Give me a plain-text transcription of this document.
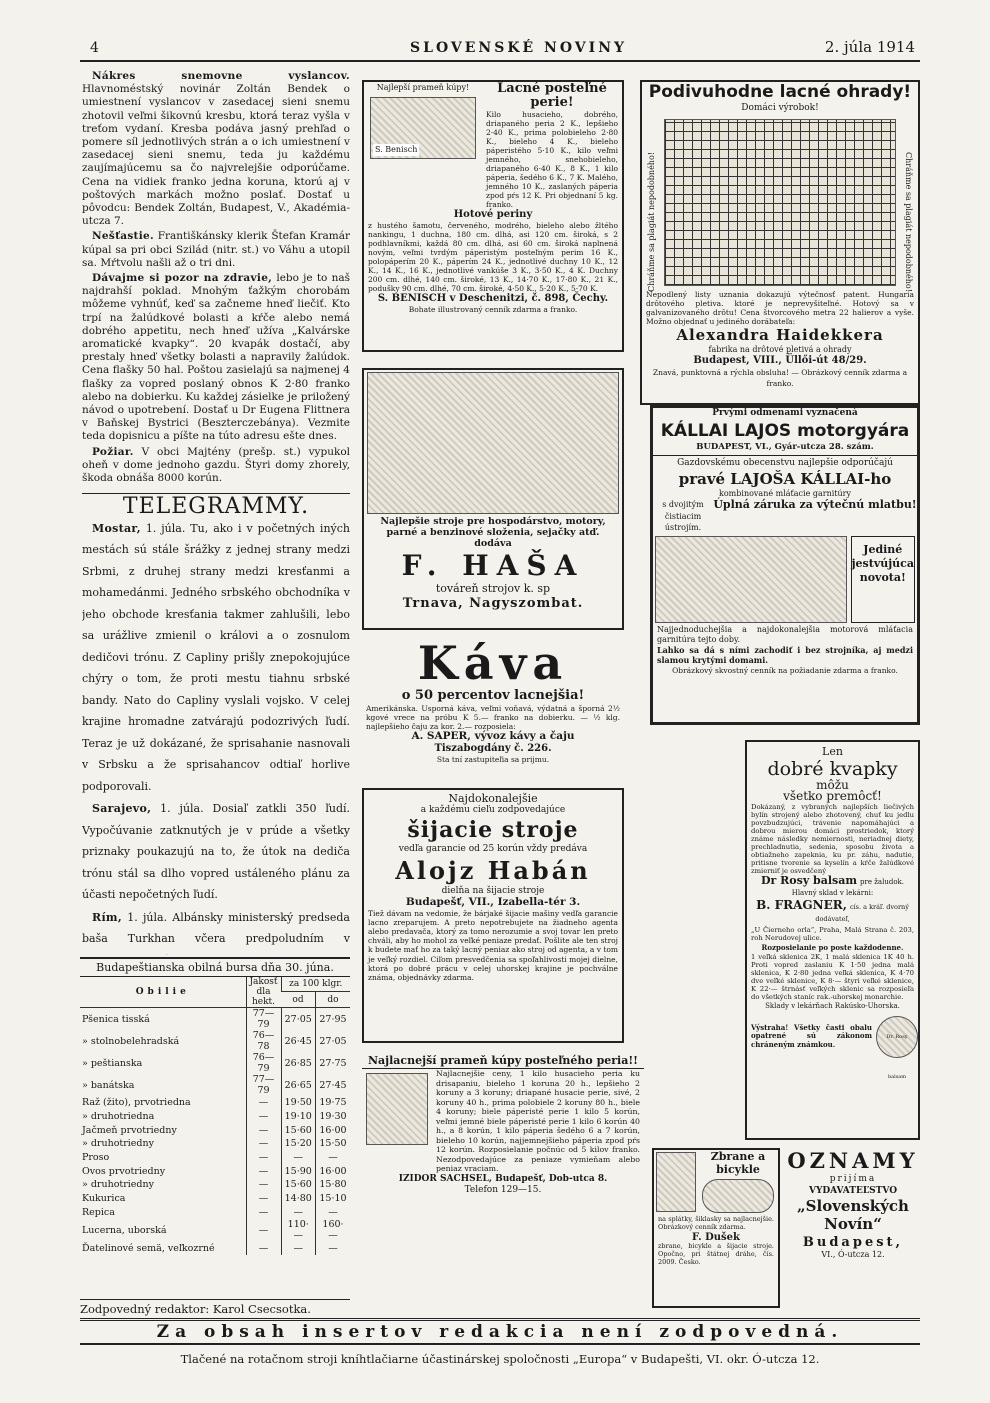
4	SLOVENSKÉ NOVINY	2. júla 1914

Nákres snemovne vyslancov. Hlavnoméstský novinár Zoltán Bendek o umiestnení vyslancov v zasedacej sieni snemu zhotovil veľmi šikovnú kresbu, ktorá teraz vyšla v treťom vydaní. Kresba podáva jasný prehľad o pomere síl jednotlivých strán a o ich umiestnení v zasedacej sieni snemu, teda ju každému zaujímajúcemu sa čo najvrelejšie odporúčame. Cena na vidiek franko jedna koruna, ktorú aj v poštových markách možno poslať. Dostať u pôvodcu: Bendek Zoltán, Budapest, V., Akadémia-utcza 7.

Nešťastie. Františkánsky klerik Štefan Kramár kúpal sa pri obci Szilád (nitr. st.) vo Váhu a utopil sa. Mŕtvolu našli až o tri dni.

Dávajme si pozor na zdravie, lebo je to naš najdrahší poklad. Mnohým ťažkým chorobám môžeme vyhnúť, keď sa začneme hneď liečiť. Kto trpí na žalúdkové bolasti a kŕče alebo nemá dobrého appetitu, nech hneď užíva „Kalvárske aromatické kvapky“. 20 kvapák dostačí, aby prestaly hneď všetky bolasti a napravily žalúdok. Cena flašky 50 hal. Poštou zasielajú sa najmenej 4 flašky za vopred poslaný obnos K 2·80 franko alebo na dobierku. Ku každej zásielke je priložený návod o upotrebení. Dostať u Dr Eugena Flittnera v Baňskej Bystrici (Beszterczebánya). Vezmite teda dopisnicu a píšte na túto adresu ešte dnes.

Požiar. V obci Majtény (prešp. st.) vypukol oheň v dome jednoho gazdu. Štyri domy zhorely, škoda obnáša 8000 korún.

TELEGRAMMY.

Mostar, 1. júla. Tu, ako i v početných iných mestách sú stále šrážky z jednej strany medzi Srbmi, z druhej strany medzi kresťanmi a mohamedánmi. Jedného srbského obchodníka v jeho obchode kresťania takmer zahlušili, lebo sa urážlive zmienil o královi a o zosnulom dedičovi trónu. Z Capliny prišly znepokojujúce chýry o tom, že proti mestu tiahnu srbské bandy. Nato do Capliny vyslali vojsko. V celej krajine hromadne zatvárajú podozrivých ľudí. Teraz je už dokázané, že sprisahanie nasnovali v Srbsku a že sprisahancov odtiaľ horlive podporovali.

Sarajevo, 1. júla. Dosiaľ zatkli 350 ľudí. Vypočúvanie zatknutých je v prúde a všetky priznaky poukazujú na to, že útok na dediča trónu stál sa dlho vopred ustáleného plánu za účasti nepočetných ľudí.

Rím, 1. júla. Albánsky ministerský predseda baša Turkhan včera predpoludním v

Budapeštianska obilná bursa dňa 30. júna.
Obilie	Jakosť dla hekt.	za 100 klgr.	
		od	do
Pšenica tisská	77—79	27·05	27·95
» stolnobelehradská	76—78	26·45	27·05
» peštianska	76—79	26·85	27·75
» banátska	77—79	26·65	27·45
Raž (žito), prvotriedna	—	19·50	19·75
» druhotriedna	—	19·10	19·30
Jačmeň prvotriedny	—	15·60	16·00
» druhotriedny	—	15·20	15·50
Proso	—	—	—
Ovos prvotriedny	—	15·90	16·00
» druhotriedny	—	15·60	15·80
Kukurica	—	14·80	15·10
Repica	—	—	—
Lucerna, uborská	—	110·—	160·—
Ďatelinové semä, veľkozrné	—	—	—
Zodpovedný redaktor: Karol Csecsotka.
Najlepší prameň kúpy!
S. Benisch
Lacné posteľné perie!
Kilo husacieho, dobrého, driapaného peria 2 K., lepšieho 2·40 K., prima polobieleho 2·80 K., bieleho 4 K., bieleho páperistého 5·10 K., kilo veľmi jemného, snehobieleho, driapaného 6·40 K., 8 K., 1 kilo páperia, šedého 6 K., 7 K. Malého, jemného 10 K., zaslaných páperia zpod pŕs 12 K. Pri objednaní 5 kg. franko.
Hotové periny
z hustého šamotu, červeného, modrého, bieleho alebo žltého nankingu, 1 duchna, 180 cm. dlhá, asi 120 cm. široká, s 2 podhlavníkmi, každá 80 cm. dlhá, asi 60 cm. široká naplnená novým, veľmi tvrdým páperistým posteľným perim 16 K., polopáperím 20 K., páperím 24 K., jednotlivé duchny 10 K., 12 K., 14 K., 16 K., jednotlivé vankúše 3 K., 3·50 K., 4 K. Duchny 200 cm. dlhé, 140 cm. široké, 13 K., 14·70 K., 17·80 K., 21 K., podušky 90 cm. dlhé, 70 cm. široké, 4·50 K., 5·20 K., 5·70 K.
S. BENISCH v Deschenitzi, č. 898, Čechy.
Bohate illustrovaný cenník zdarma a franko.
Podivuhodne lacné ohrady!
Domáci výrobok!
Chráňme sa plagiát nepodobného!	Chráňme sa plagiát nepodobného!
Nepodlený listy uznania dokazujú výtečnosť patent. Hungaria drôtového pletiva. ktoré je neprevyšiteľné. Hotový sa v galvanizovaného drôtu! Cena štvorcového metra 22 halierov a vyše. Možno objednať u jediného dorábateľa:
Alexandra Haidekkera
fabrika na drôtové pletivá a ohrady
Budapest, VIII., Üllői-út 48/29.
Znavá, punktovná a rýchla obsluha! — Obrázkový cenník zdarma a franko.
Najlepšie stroje pre hospodárstvo, motory, parné a benzinové složenia, sejačky atď. dodáva
F. HAŠA
továreň strojov k. sp
Trnava, Nagyszombat.
Prvými odmenami vyznačená
KÁLLAI LAJOS motorgyára
BUDAPEST, VI., Gyár-utcza 28. szám.
Gazdovskému obecenstvu najlepšie odporúčajú
pravé LAJOŠA KÁLLAI-ho
kombinované mláťacie garnitúry
s dvojitým čistiacim ústrojím.
Úplná záruka za výtečnú mlatbu!
Jediné jestvújúca novota!
Najjednoduchejšia a najdokonalejšia motorová mláťacia garnitúra tejto doby.
Lahko sa dá s ními zachodiť i bez strojníka, aj medzi slamou krytými domami.
Obrázkový skvostný cenník na požiadanie zdarma a franko.
Káva
o 50 percentov lacnejšia!
Amerikánska. Usporná káva, veľmi voňavá, výdatná a šporná 2½ kgové vrece na próbu K 5.— franko na dobierku. — ½ klg. najlepšieho čaju za kor. 2.— rozposiela:
A. SAPER, vývoz kávy a čaju
Tiszabogdány č. 226.
Sta tní zastupiteľia sa prijmu.
Najdokonalejšie
a každému cieľu zodpovedajúce
šijacie stroje
vedľa garancie od 25 korún vždy predáva
Alojz Habán
dielňa na šijacie stroje
Budapešť, VII., Izabella-tér 3.
Tiež dávam na vedomie, že bárjaké šijacie mašiny vedľa garancie lacno zreparujem. A preto nepotrebujete na žiadneho agenta alebo predavača, ktorý za tomo nerozumie a svoj tovar len preto chváli, aby ho mohol za veľké peniaze predať. Pošlite ale ten stroj k budete mať ho za taký lacný peniaz ako stroj od agenta, a v tom je veľký rozdiel. Ciľom presvedčenia sa spoľahlivosti mojej dielne, ktorá po dobré prácu v celej uhorskej krajine je pochválne známa, objednávky zdarma.
Len
dobré kvapky
môžu
všetko premôcť!
Dokázaný, z vybraných najlepších liečivých bylín strojený alebo zhotovený, chuť ku jedlu povzbudzujúci, trávenie napomáhajúci a dobrou mierou domáci prostriedok, ktorý známe následky nemiernosti, neriadnej diety, prechladnutia, sedenia, sposobu života a obtiažneho zapeknia, ku pr. záhu, nadutie, pritisne tvorenie sa kyselín a kŕče žalúdkové zmierniť je osvedčený
Dr Rosy balsam pre žaludok.
Hlavný sklad v lekárni:
B. FRAGNER, cís. a kráľ. dvorný dodávateľ,
„U Čierneho orla“, Praha, Malá Strana č. 203, roh Nerudovej ulice.
Rozposielanie po poste každodenne.
1 veľká sklenica 2K, 1 malá sklenica 1K 40 h. Proti vopred zaslaniu K 1·50 jedna malá sklenica, K 2·80 jedna veľká sklenica, K 4·70 dve veľké sklenice, K 8·— štyri veľké sklenice, K 22·— štrnásť veľkých sklenic sa rozposieľa do všetkých staníc rak.-uhorskej monarchie.
Sklady v lekárňach Rakúsko-Uhorska.
Výstraha! Všetky časti obalu opatrené sú zákonom chráneným známkou.
Dr. Rosy balsam
Najlacnejší prameň kúpy posteľného peria!!
Najlacnejšie ceny, 1 kilo husacieho peria ku drisapaniu, bieleho 1 koruna 20 h., lepšieho 2 koruny a 3 koruny; driapané husacie perie, sivé, 2 koruny 40 h., prima polobiele 2 koruny 80 h., biele 4 koruny; biele páperisté perie 1 kilo 5 korún, veľmi jemné biele páperisté perie 1 kilo 6 korún 40 h., a 8 korún, 1 kilo páperia šedého 6 a 7 korún, bieleho 10 korún, najjemnejšieho páperia zpod pŕs 12 korún. Rozposielanie počnúc od 5 kilov franko. Nezodpovedajúce za peniaze vymieňam alebo peniaz vraciam.
IZIDOR SACHSEL, Budapešť, Dob-utca 8.
Telefon 129—15.
Zbrane a bicykle
na splátky, šiklasky sa najlacnejšie. Obrázkový cenník zdarma.
F. Dušek
zbrane, bicykle a šijacie stroje. Opočno, pri štátnej dráhe, čís. 2009. Česko.
OZNAMY
prijíma
VYDAVATEĽSTVO
„Slovenských Novín“
Budapest,
VI., Ó-utcza 12.
Za obsah insertov redakcia není zodpovedná.
Tlačené na rotačnom stroji kníhtlačiarne účastinárskej spoločnosti „Europa“ v Budapešti, VI. okr. Ó-utcza 12.
